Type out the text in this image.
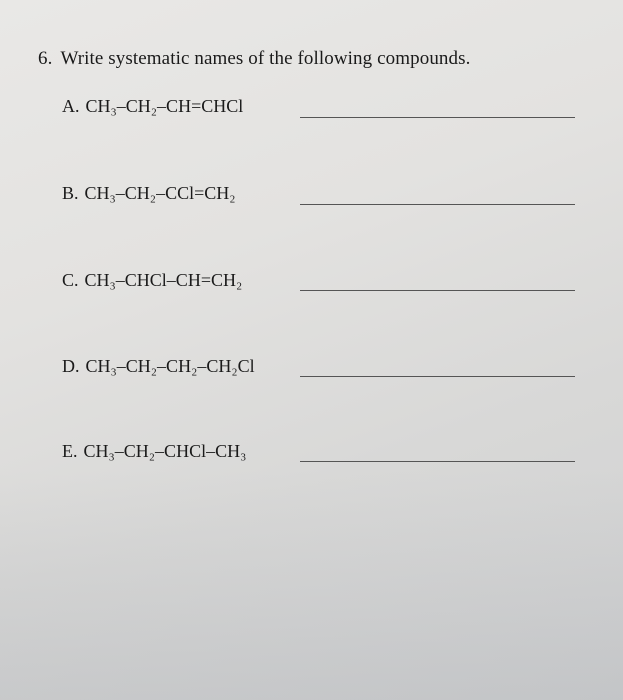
6. Write systematic names of the following compounds.
A. CH₃–CH₂–CH=CHCl
B. CH₃–CH₂–CCl=CH₂
C. CH₃–CHCl–CH=CH₂
D. CH₃–CH₂–CH₂–CH₂Cl
E. CH₃–CH₂–CHCl–CH₃
